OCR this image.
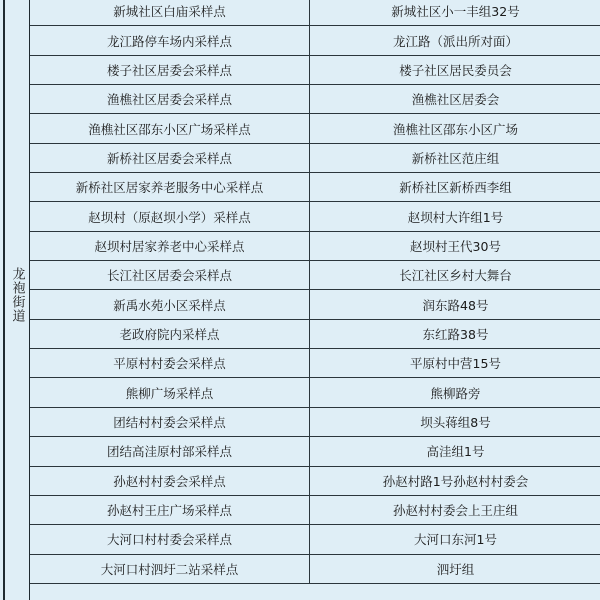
龙袍街道
新城社区白庙采样点	新城社区小一丰组32号
龙江路停车场内采样点	龙江路（派出所对面）
楼子社区居委会采样点	楼子社区居民委员会
渔樵社区居委会采样点	渔樵社区居委会
渔樵社区邵东小区广场采样点	渔樵社区邵东小区广场
新桥社区居委会采样点	新桥社区范庄组
新桥社区居家养老服务中心采样点	新桥社区新桥西李组
赵坝村（原赵坝小学）采样点	赵坝村大许组1号
赵坝村居家养老中心采样点	赵坝村王代30号
长江社区居委会采样点	长江社区乡村大舞台
新禹水苑小区采样点	润东路48号
老政府院内采样点	东红路38号
平原村村委会采样点	平原村中营15号
熊柳广场采样点	熊柳路旁
团结村村委会采样点	坝头蒋组8号
团结高洼原村部采样点	高洼组1号
孙赵村村委会采样点	孙赵村路1号孙赵村村委会
孙赵村王庄广场采样点	孙赵村村委会上王庄组
大河口村村委会采样点	大河口东河1号
大河口村泗圩二站采样点	泗圩组
